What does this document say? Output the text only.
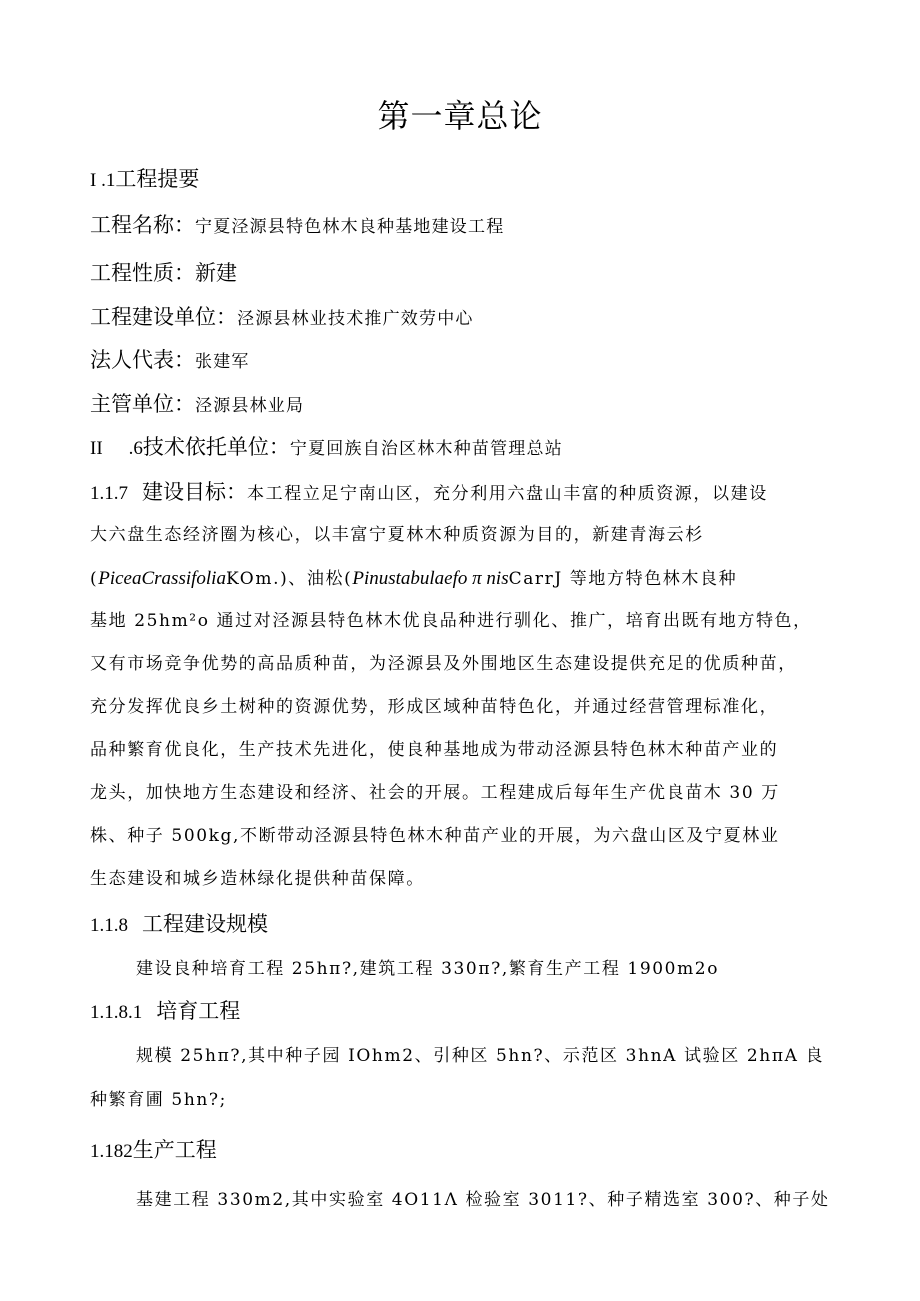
第一章总论
I .1工程提要
工程名称：宁夏泾源县特色林木良种基地建设工程
工程性质：新建
工程建设单位：泾源县林业技术推广效劳中心
法人代表：张建军
主管单位：泾源县林业局
II .6技术依托单位：宁夏回族自治区林木种苗管理总站
1.1.7 建设目标：本工程立足宁南山区，充分利用六盘山丰富的种质资源，以建设
大六盘生态经济圈为核心，以丰富宁夏林木种质资源为目的，新建青海云杉
(PiceaCrassifoliaKOm.)、油松(Pinustabulaefo π nisCarrJ 等地方特色林木良种
基地 25hm²o 通过对泾源县特色林木优良品种进行驯化、推广，培育出既有地方特色，
又有市场竞争优势的高品质种苗，为泾源县及外围地区生态建设提供充足的优质种苗，
充分发挥优良乡土树种的资源优势，形成区域种苗特色化，并通过经营管理标准化，
品种繁育优良化，生产技术先进化，使良种基地成为带动泾源县特色林木种苗产业的
龙头，加快地方生态建设和经济、社会的开展。工程建成后每年生产优良苗木 30 万
株、种子 500kg,不断带动泾源县特色林木种苗产业的开展，为六盘山区及宁夏林业
生态建设和城乡造林绿化提供种苗保障。
1.1.8 工程建设规模
建设良种培育工程 25hπ?,建筑工程 330π?,繁育生产工程 1900m2o
1.1.8.1 培育工程
规模 25hπ?,其中种子园 IOhm2、引种区 5hn?、示范区 3hnA 试验区 2hπA 良
种繁育圃 5hn?;
1.182生产工程
基建工程 330m2,其中实验室 4O11Λ 检验室 3011?、种子精选室 300?、种子处
